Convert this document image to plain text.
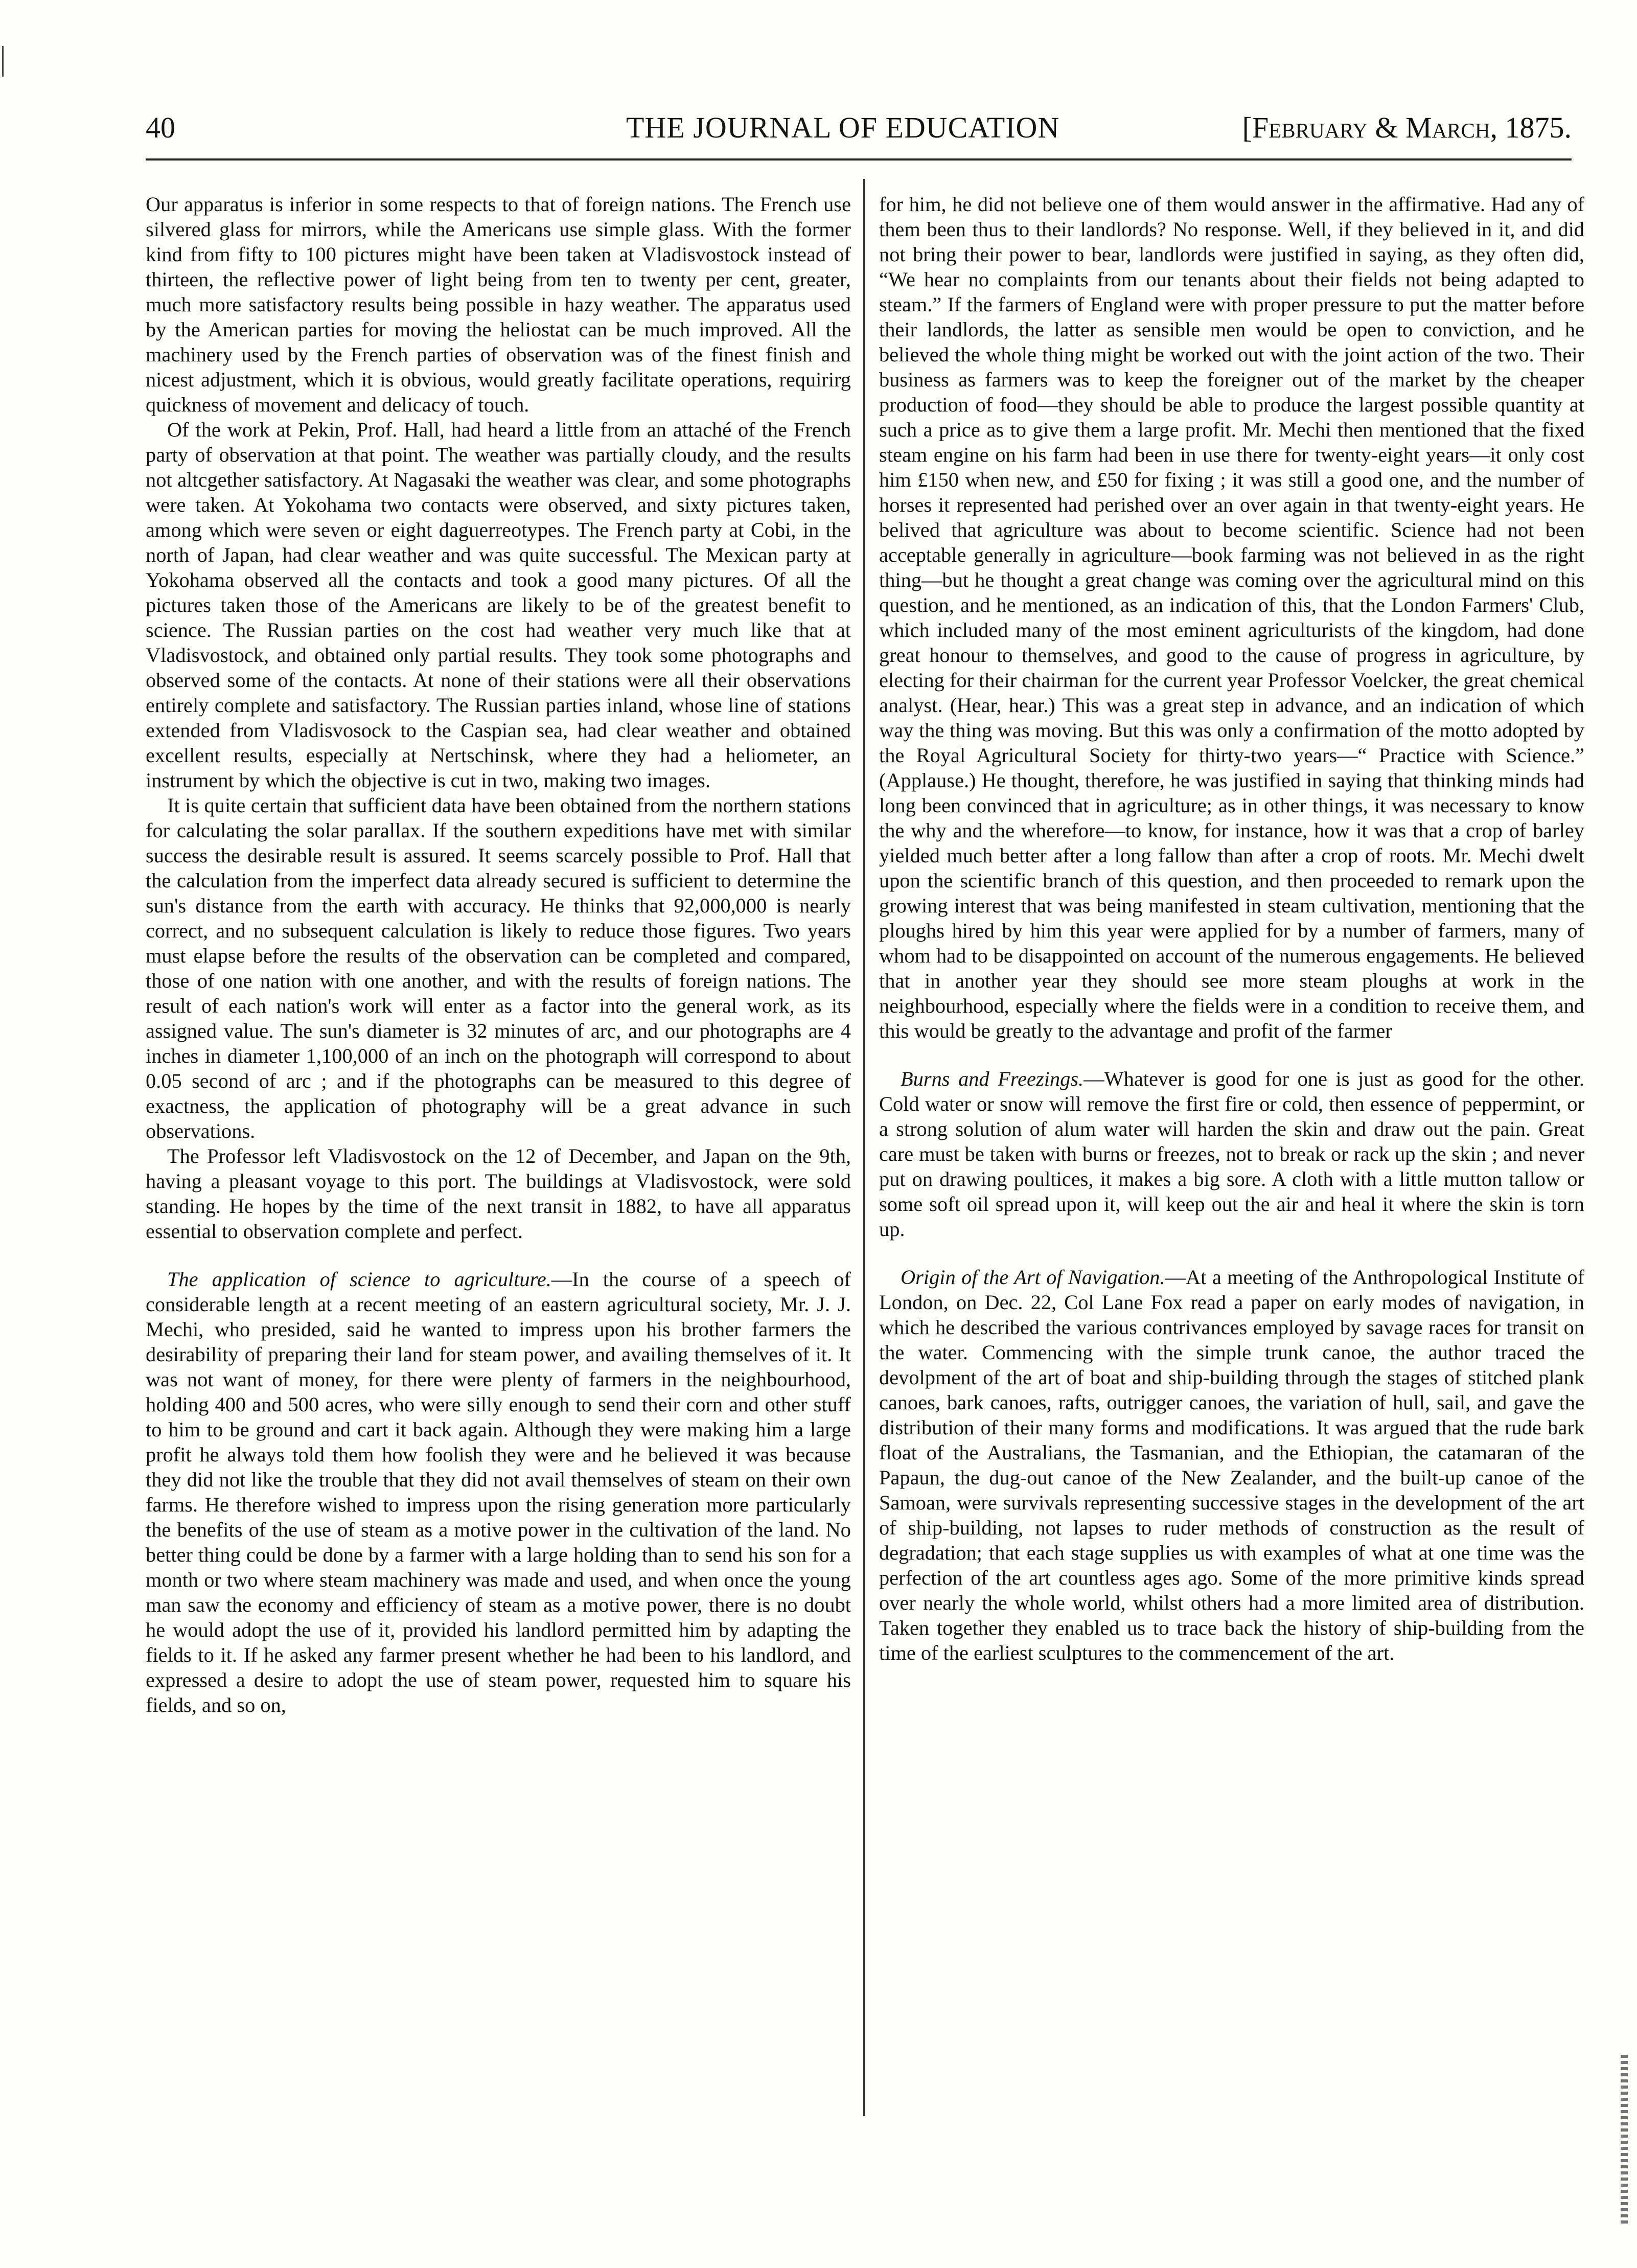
40	THE JOURNAL OF EDUCATION	[February & March, 1875.

Our apparatus is inferior in some respects to that of foreign nations. The French use silvered glass for mirrors, while the Americans use simple glass. With the former kind from fifty to 100 pictures might have been taken at Vladisvostock instead of thirteen, the reflective power of light being from ten to twenty per cent, greater, much more satisfactory results being possible in hazy weather. The apparatus used by the American parties for moving the heliostat can be much improved. All the machinery used by the French parties of observation was of the finest finish and nicest adjustment, which it is obvious, would greatly facilitate operations, requirirg quickness of movement and delicacy of touch.

Of the work at Pekin, Prof. Hall, had heard a little from an attaché of the French party of observation at that point. The weather was partially cloudy, and the results not altcgether satisfactory. At Nagasaki the weather was clear, and some photographs were taken. At Yokohama two contacts were observed, and sixty pictures taken, among which were seven or eight daguerreotypes. The French party at Cobi, in the north of Japan, had clear weather and was quite successful. The Mexican party at Yokohama observed all the contacts and took a good many pictures. Of all the pictures taken those of the Americans are likely to be of the greatest benefit to science. The Russian parties on the cost had weather very much like that at Vladisvostock, and obtained only partial results. They took some photographs and observed some of the contacts. At none of their stations were all their observations entirely complete and satisfactory. The Russian parties inland, whose line of stations extended from Vladisvosock to the Caspian sea, had clear weather and obtained excellent results, especially at Nertschinsk, where they had a heliometer, an instrument by which the objective is cut in two, making two images.

It is quite certain that sufficient data have been obtained from the northern stations for calculating the solar parallax. If the southern expeditions have met with similar success the desirable result is assured. It seems scarcely possible to Prof. Hall that the calculation from the imperfect data already secured is sufficient to determine the sun's distance from the earth with accuracy. He thinks that 92,000,000 is nearly correct, and no subsequent calculation is likely to reduce those figures. Two years must elapse before the results of the observation can be completed and compared, those of one nation with one another, and with the results of foreign nations. The result of each nation's work will enter as a factor into the general work, as its assigned value. The sun's diameter is 32 minutes of arc, and our photographs are 4 inches in diameter 1,100,000 of an inch on the photograph will correspond to about 0.05 second of arc ; and if the photographs can be measured to this degree of exactness, the application of photography will be a great advance in such observations.

The Professor left Vladisvostock on the 12 of December, and Japan on the 9th, having a pleasant voyage to this port. The buildings at Vladisvostock, were sold standing. He hopes by the time of the next transit in 1882, to have all apparatus essential to observation complete and perfect.

The application of science to agriculture.—In the course of a speech of considerable length at a recent meeting of an eastern agricultural society, Mr. J. J. Mechi, who presided, said he wanted to impress upon his brother farmers the desirability of preparing their land for steam power, and availing themselves of it. It was not want of money, for there were plenty of farmers in the neighbourhood, holding 400 and 500 acres, who were silly enough to send their corn and other stuff to him to be ground and cart it back again. Although they were making him a large profit he always told them how foolish they were and he believed it was because they did not like the trouble that they did not avail themselves of steam on their own farms. He therefore wished to impress upon the rising generation more particularly the benefits of the use of steam as a motive power in the cultivation of the land. No better thing could be done by a farmer with a large holding than to send his son for a month or two where steam machinery was made and used, and when once the young man saw the economy and efficiency of steam as a motive power, there is no doubt he would adopt the use of it, provided his landlord permitted him by adapting the fields to it. If he asked any farmer present whether he had been to his landlord, and expressed a desire to adopt the use of steam power, requested him to square his fields, and so on,

for him, he did not believe one of them would answer in the affirmative. Had any of them been thus to their landlords? No response. Well, if they believed in it, and did not bring their power to bear, landlords were justified in saying, as they often did, “We hear no complaints from our tenants about their fields not being adapted to steam.” If the farmers of England were with proper pressure to put the matter before their landlords, the latter as sensible men would be open to conviction, and he believed the whole thing might be worked out with the joint action of the two. Their business as farmers was to keep the foreigner out of the market by the cheaper production of food—they should be able to produce the largest possible quantity at such a price as to give them a large profit. Mr. Mechi then mentioned that the fixed steam engine on his farm had been in use there for twenty-eight years—it only cost him £150 when new, and £50 for fixing ; it was still a good one, and the number of horses it represented had perished over an over again in that twenty-eight years. He belived that agriculture was about to become scientific. Science had not been acceptable generally in agriculture—book farming was not believed in as the right thing—but he thought a great change was coming over the agricultural mind on this question, and he mentioned, as an indication of this, that the London Farmers' Club, which included many of the most eminent agriculturists of the kingdom, had done great honour to themselves, and good to the cause of progress in agriculture, by electing for their chairman for the current year Professor Voelcker, the great chemical analyst. (Hear, hear.) This was a great step in advance, and an indication of which way the thing was moving. But this was only a confirmation of the motto adopted by the Royal Agricultural Society for thirty-two years—“ Practice with Science.” (Applause.) He thought, therefore, he was justified in saying that thinking minds had long been convinced that in agriculture; as in other things, it was necessary to know the why and the wherefore—to know, for instance, how it was that a crop of barley yielded much better after a long fallow than after a crop of roots. Mr. Mechi dwelt upon the scientific branch of this question, and then proceeded to remark upon the growing interest that was being manifested in steam cultivation, mentioning that the ploughs hired by him this year were applied for by a number of farmers, many of whom had to be disappointed on account of the numerous engagements. He believed that in another year they should see more steam ploughs at work in the neighbourhood, especially where the fields were in a condition to receive them, and this would be greatly to the advantage and profit of the farmer

Burns and Freezings.—Whatever is good for one is just as good for the other. Cold water or snow will remove the first fire or cold, then essence of peppermint, or a strong solution of alum water will harden the skin and draw out the pain. Great care must be taken with burns or freezes, not to break or rack up the skin ; and never put on drawing poultices, it makes a big sore. A cloth with a little mutton tallow or some soft oil spread upon it, will keep out the air and heal it where the skin is torn up.

Origin of the Art of Navigation.—At a meeting of the Anthropological Institute of London, on Dec. 22, Col Lane Fox read a paper on early modes of navigation, in which he described the various contrivances employed by savage races for transit on the water. Commencing with the simple trunk canoe, the author traced the devolpment of the art of boat and ship-building through the stages of stitched plank canoes, bark canoes, rafts, outrigger canoes, the variation of hull, sail, and gave the distribution of their many forms and modifications. It was argued that the rude bark float of the Australians, the Tasmanian, and the Ethiopian, the catamaran of the Papaun, the dug-out canoe of the New Zealander, and the built-up canoe of the Samoan, were survivals representing successive stages in the development of the art of ship-building, not lapses to ruder methods of construction as the result of degradation; that each stage supplies us with examples of what at one time was the perfection of the art countless ages ago. Some of the more primitive kinds spread over nearly the whole world, whilst others had a more limited area of distribution. Taken together they enabled us to trace back the history of ship-building from the time of the earliest sculptures to the commencement of the art.
